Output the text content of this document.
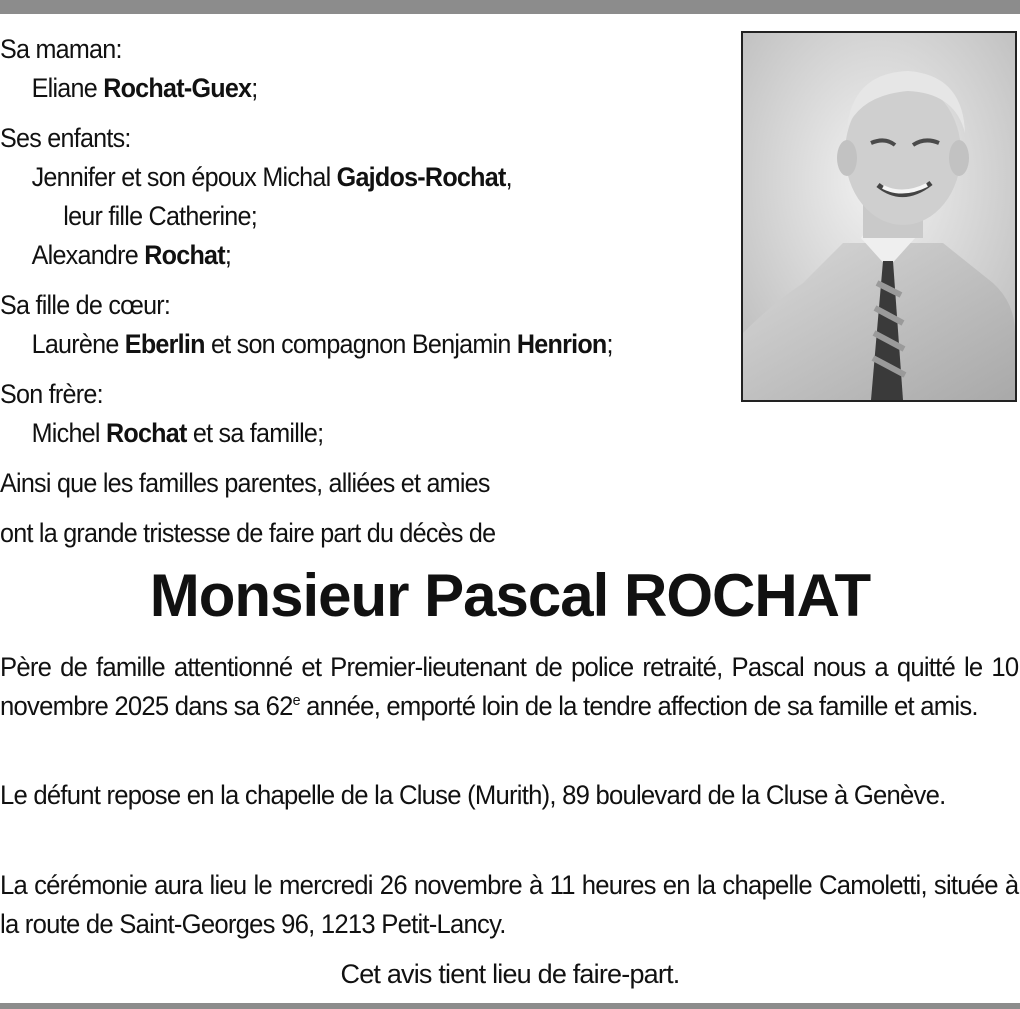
Sa maman:
Eliane Rochat-Guex;
Ses enfants:
Jennifer et son époux Michal Gajdos-Rochat,
leur fille Catherine;
Alexandre Rochat;
Sa fille de cœur:
Laurène Eberlin et son compagnon Benjamin Henrion;
Son frère:
Michel Rochat et sa famille;
Ainsi que les familles parentes, alliées et amies
ont la grande tristesse de faire part du décès de
Monsieur Pascal ROCHAT
Père de famille attentionné et Premier-lieutenant de police retraité, Pascal nous a quitté le 10 novembre 2025 dans sa 62e année, emporté loin de la tendre affection de sa famille et amis.
Le défunt repose en la chapelle de la Cluse (Murith), 89 boulevard de la Cluse à Genève.
La cérémonie aura lieu le mercredi 26 novembre à 11 heures en la chapelle Camoletti, située à la route de Saint-Georges 96, 1213 Petit-Lancy.
Cet avis tient lieu de faire-part.
